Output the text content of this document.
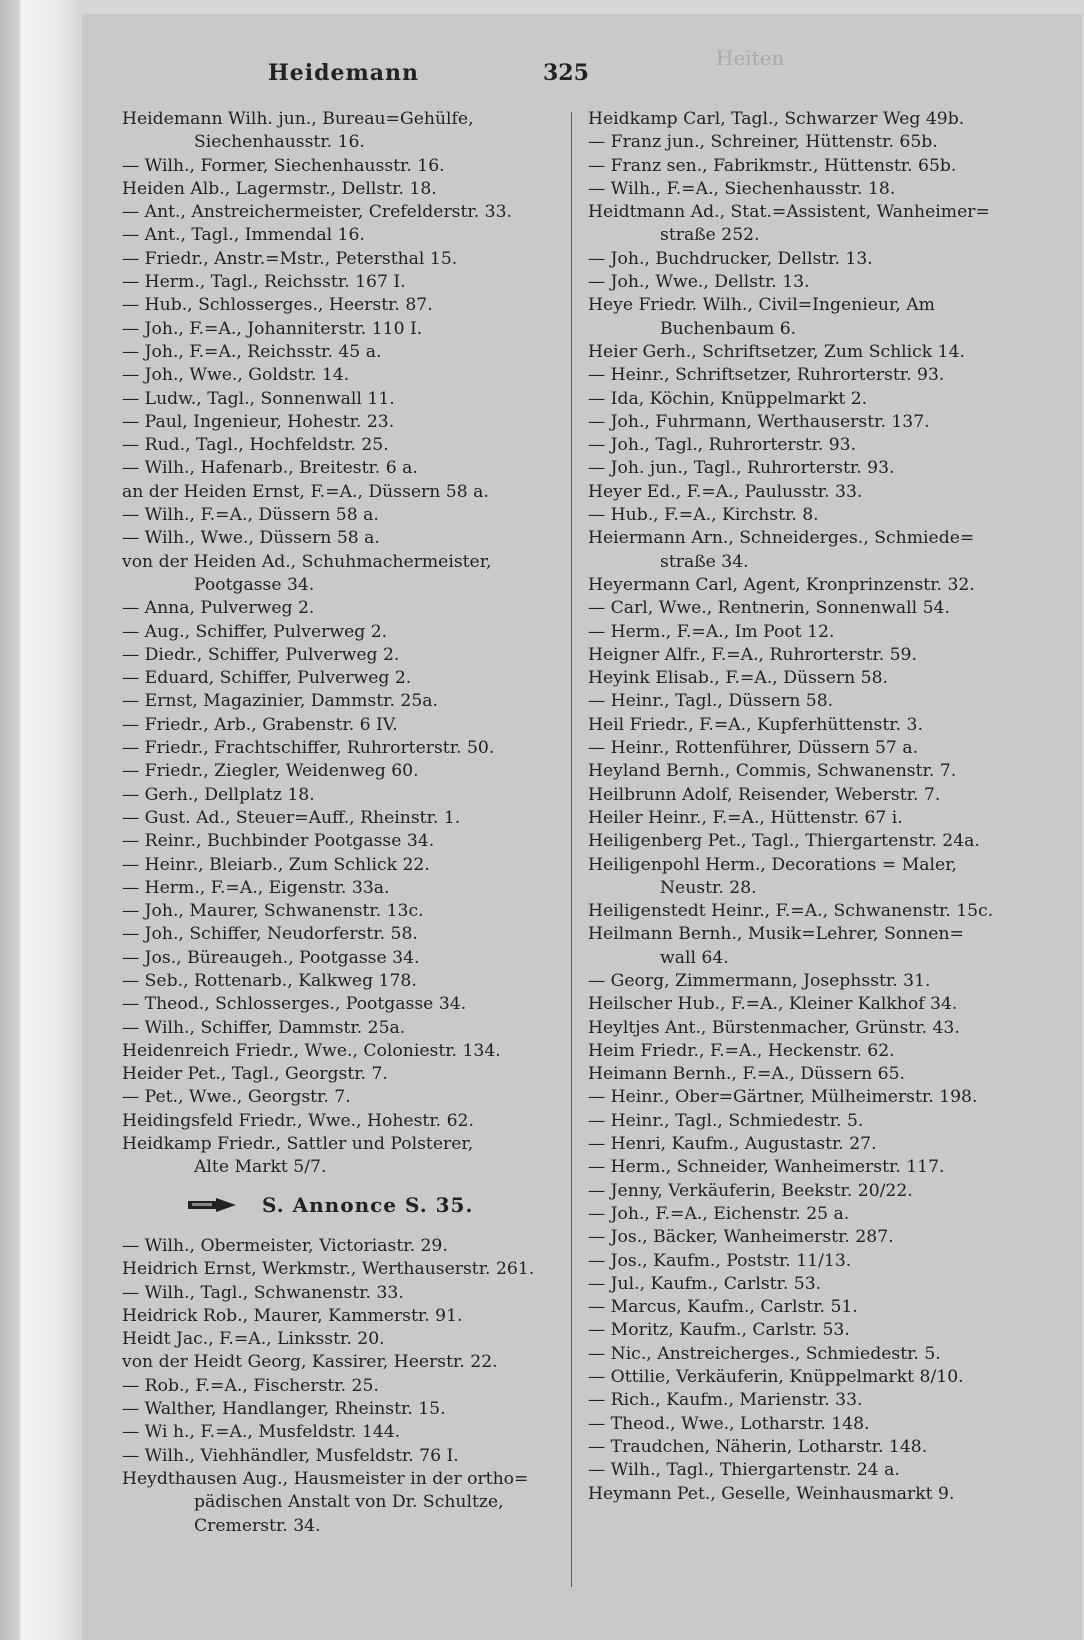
Heidemann	325
Heiten
Heidemann Wilh. jun., Bureau=Gehülfe,
Siechenhausstr. 16.
— Wilh., Former, Siechenhausstr. 16.
Heiden Alb., Lagermstr., Dellstr. 18.
— Ant., Anstreichermeister, Crefelderstr. 33.
— Ant., Tagl., Immendal 16.
— Friedr., Anstr.=Mstr., Petersthal 15.
— Herm., Tagl., Reichsstr. 167 I.
— Hub., Schlosserges., Heerstr. 87.
— Joh., F.=A., Johanniterstr. 110 I.
— Joh., F.=A., Reichsstr. 45 a.
— Joh., Wwe., Goldstr. 14.
— Ludw., Tagl., Sonnenwall 11.
— Paul, Ingenieur, Hohestr. 23.
— Rud., Tagl., Hochfeldstr. 25.
— Wilh., Hafenarb., Breitestr. 6 a.
an der Heiden Ernst, F.=A., Düssern 58 a.
— Wilh., F.=A., Düssern 58 a.
— Wilh., Wwe., Düssern 58 a.
von der Heiden Ad., Schuhmachermeister,
Pootgasse 34.
— Anna, Pulverweg 2.
— Aug., Schiffer, Pulverweg 2.
— Diedr., Schiffer, Pulverweg 2.
— Eduard, Schiffer, Pulverweg 2.
— Ernst, Magazinier, Dammstr. 25a.
— Friedr., Arb., Grabenstr. 6 IV.
— Friedr., Frachtschiffer, Ruhrorterstr. 50.
— Friedr., Ziegler, Weidenweg 60.
— Gerh., Dellplatz 18.
— Gust. Ad., Steuer=Auff., Rheinstr. 1.
— Reinr., Buchbinder Pootgasse 34.
— Heinr., Bleiarb., Zum Schlick 22.
— Herm., F.=A., Eigenstr. 33a.
— Joh., Maurer, Schwanenstr. 13c.
— Joh., Schiffer, Neudorferstr. 58.
— Jos., Büreaugeh., Pootgasse 34.
— Seb., Rottenarb., Kalkweg 178.
— Theod., Schlosserges., Pootgasse 34.
— Wilh., Schiffer, Dammstr. 25a.
Heidenreich Friedr., Wwe., Coloniestr. 134.
Heider Pet., Tagl., Georgstr. 7.
— Pet., Wwe., Georgstr. 7.
Heidingsfeld Friedr., Wwe., Hohestr. 62.
Heidkamp Friedr., Sattler und Polsterer,
Alte Markt 5/7.
S. Annonce S. 35.
— Wilh., Obermeister, Victoriastr. 29.
Heidrich Ernst, Werkmstr., Werthauserstr. 261.
— Wilh., Tagl., Schwanenstr. 33.
Heidrick Rob., Maurer, Kammerstr. 91.
Heidt Jac., F.=A., Linksstr. 20.
von der Heidt Georg, Kassirer, Heerstr. 22.
— Rob., F.=A., Fischerstr. 25.
— Walther, Handlanger, Rheinstr. 15.
— Wi h., F.=A., Musfeldstr. 144.
— Wilh., Viehhändler, Musfeldstr. 76 I.
Heydthausen Aug., Hausmeister in der ortho=
pädischen Anstalt von Dr. Schultze,
Cremerstr. 34.
Heidkamp Carl, Tagl., Schwarzer Weg 49b.
— Franz jun., Schreiner, Hüttenstr. 65b.
— Franz sen., Fabrikmstr., Hüttenstr. 65b.
— Wilh., F.=A., Siechenhausstr. 18.
Heidtmann Ad., Stat.=Assistent, Wanheimer=
straße 252.
— Joh., Buchdrucker, Dellstr. 13.
— Joh., Wwe., Dellstr. 13.
Heye Friedr. Wilh., Civil=Ingenieur, Am
Buchenbaum 6.
Heier Gerh., Schriftsetzer, Zum Schlick 14.
— Heinr., Schriftsetzer, Ruhrorterstr. 93.
— Ida, Köchin, Knüppelmarkt 2.
— Joh., Fuhrmann, Werthauserstr. 137.
— Joh., Tagl., Ruhrorterstr. 93.
— Joh. jun., Tagl., Ruhrorterstr. 93.
Heyer Ed., F.=A., Paulusstr. 33.
— Hub., F.=A., Kirchstr. 8.
Heiermann Arn., Schneiderges., Schmiede=
straße 34.
Heyermann Carl, Agent, Kronprinzenstr. 32.
— Carl, Wwe., Rentnerin, Sonnenwall 54.
— Herm., F.=A., Im Poot 12.
Heigner Alfr., F.=A., Ruhrorterstr. 59.
Heyink Elisab., F.=A., Düssern 58.
— Heinr., Tagl., Düssern 58.
Heil Friedr., F.=A., Kupferhüttenstr. 3.
— Heinr., Rottenführer, Düssern 57 a.
Heyland Bernh., Commis, Schwanenstr. 7.
Heilbrunn Adolf, Reisender, Weberstr. 7.
Heiler Heinr., F.=A., Hüttenstr. 67 i.
Heiligenberg Pet., Tagl., Thiergartenstr. 24a.
Heiligenpohl Herm., Decorations = Maler,
Neustr. 28.
Heiligenstedt Heinr., F.=A., Schwanenstr. 15c.
Heilmann Bernh., Musik=Lehrer, Sonnen=
wall 64.
— Georg, Zimmermann, Josephsstr. 31.
Heilscher Hub., F.=A., Kleiner Kalkhof 34.
Heyltjes Ant., Bürstenmacher, Grünstr. 43.
Heim Friedr., F.=A., Heckenstr. 62.
Heimann Bernh., F.=A., Düssern 65.
— Heinr., Ober=Gärtner, Mülheimerstr. 198.
— Heinr., Tagl., Schmiedestr. 5.
— Henri, Kaufm., Augustastr. 27.
— Herm., Schneider, Wanheimerstr. 117.
— Jenny, Verkäuferin, Beekstr. 20/22.
— Joh., F.=A., Eichenstr. 25 a.
— Jos., Bäcker, Wanheimerstr. 287.
— Jos., Kaufm., Poststr. 11/13.
— Jul., Kaufm., Carlstr. 53.
— Marcus, Kaufm., Carlstr. 51.
— Moritz, Kaufm., Carlstr. 53.
— Nic., Anstreicherges., Schmiedestr. 5.
— Ottilie, Verkäuferin, Knüppelmarkt 8/10.
— Rich., Kaufm., Marienstr. 33.
— Theod., Wwe., Lotharstr. 148.
— Traudchen, Näherin, Lotharstr. 148.
— Wilh., Tagl., Thiergartenstr. 24 a.
Heymann Pet., Geselle, Weinhausmarkt 9.
